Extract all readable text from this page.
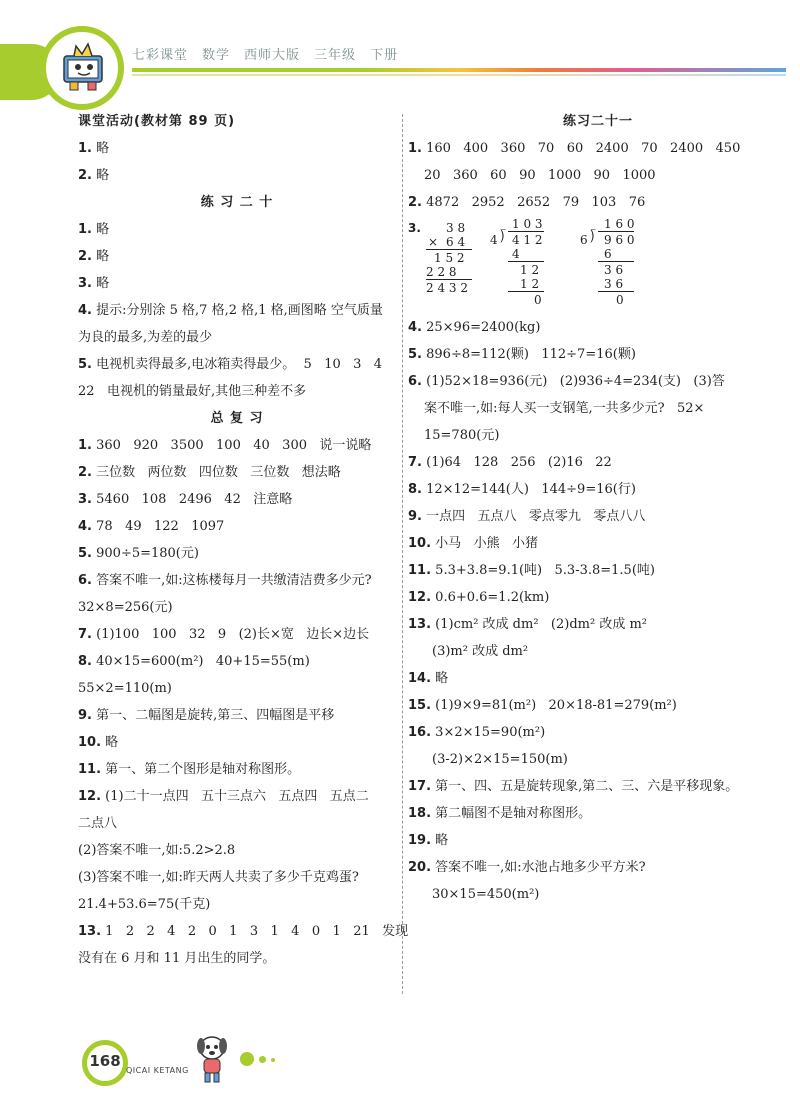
七彩课堂 数学 西师大版 三年级 下册
课堂活动(教材第 89 页)
1. 略
2. 略
练 习 二 十
1. 略
2. 略
3. 略
4. 提示:分别涂 5 格,7 格,2 格,1 格,画图略 空气质量
为良的最多,为差的最少
5. 电视机卖得最多,电冰箱卖得最少。  5   10   3   4
22   电视机的销量最好,其他三种差不多
总 复 习
1. 360   920   3500   100   40   300   说一说略
2. 三位数   两位数   四位数   三位数   想法略
3. 5460   108   2496   42   注意略
4. 78   49   122   1097
5. 900÷5=180(元)
6. 答案不唯一,如:这栋楼每月一共缴清洁费多少元?
32×8=256(元)
7. (1)100   100   32   9   (2)长×宽   边长×边长
8. 40×15=600(m²)   40+15=55(m)
55×2=110(m)
9. 第一、二幅图是旋转,第三、四幅图是平移
10. 略
11. 第一、第二个图形是轴对称图形。
12. (1)二十一点四   五十三点六   五点四   五点二
二点八
(2)答案不唯一,如:5.2>2.8
(3)答案不唯一,如:昨天两人共卖了多少千克鸡蛋?
21.4+53.6=75(千克)
13. 1   2   2   4   2   0   1   3   1   4   0   1   21   发现
没有在 6 月和 11 月出生的同学。
练习二十一
1. 160   400   360   70   60   2400   70   2400   450
20   360   60   90   1000   90   1000
2. 4872   2952   2652   79   103   76
3. 3 8
× 6 4
1 5 2
2 2 8
2 4 3 2
1 0 3
4 ⟌ 4 1 2
4
1 2
1 2
0
1 6 0
6 ⟌ 9 6 0
6
3 6
3 6
0
4. 25×96=2400(kg)
5. 896÷8=112(颗)   112÷7=16(颗)
6. (1)52×18=936(元)   (2)936÷4=234(支)   (3)答
案不唯一,如:每人买一支钢笔,一共多少元?   52×
15=780(元)
7. (1)64   128   256   (2)16   22
8. 12×12=144(人)   144÷9=16(行)
9. 一点四   五点八   零点零九   零点八八
10. 小马   小熊   小猪
11. 5.3+3.8=9.1(吨)   5.3-3.8=1.5(吨)
12. 0.6+0.6=1.2(km)
13. (1)cm² 改成 dm²   (2)dm² 改成 m²
(3)m² 改成 dm²
14. 略
15. (1)9×9=81(m²)   20×18-81=279(m²)
16. 3×2×15=90(m²)
(3-2)×2×15=150(m)
17. 第一、四、五是旋转现象,第二、三、六是平移现象。
18. 第二幅图不是轴对称图形。
19. 略
20. 答案不唯一,如:水池占地多少平方米?
30×15=450(m²)
168
QICAI KETANG
